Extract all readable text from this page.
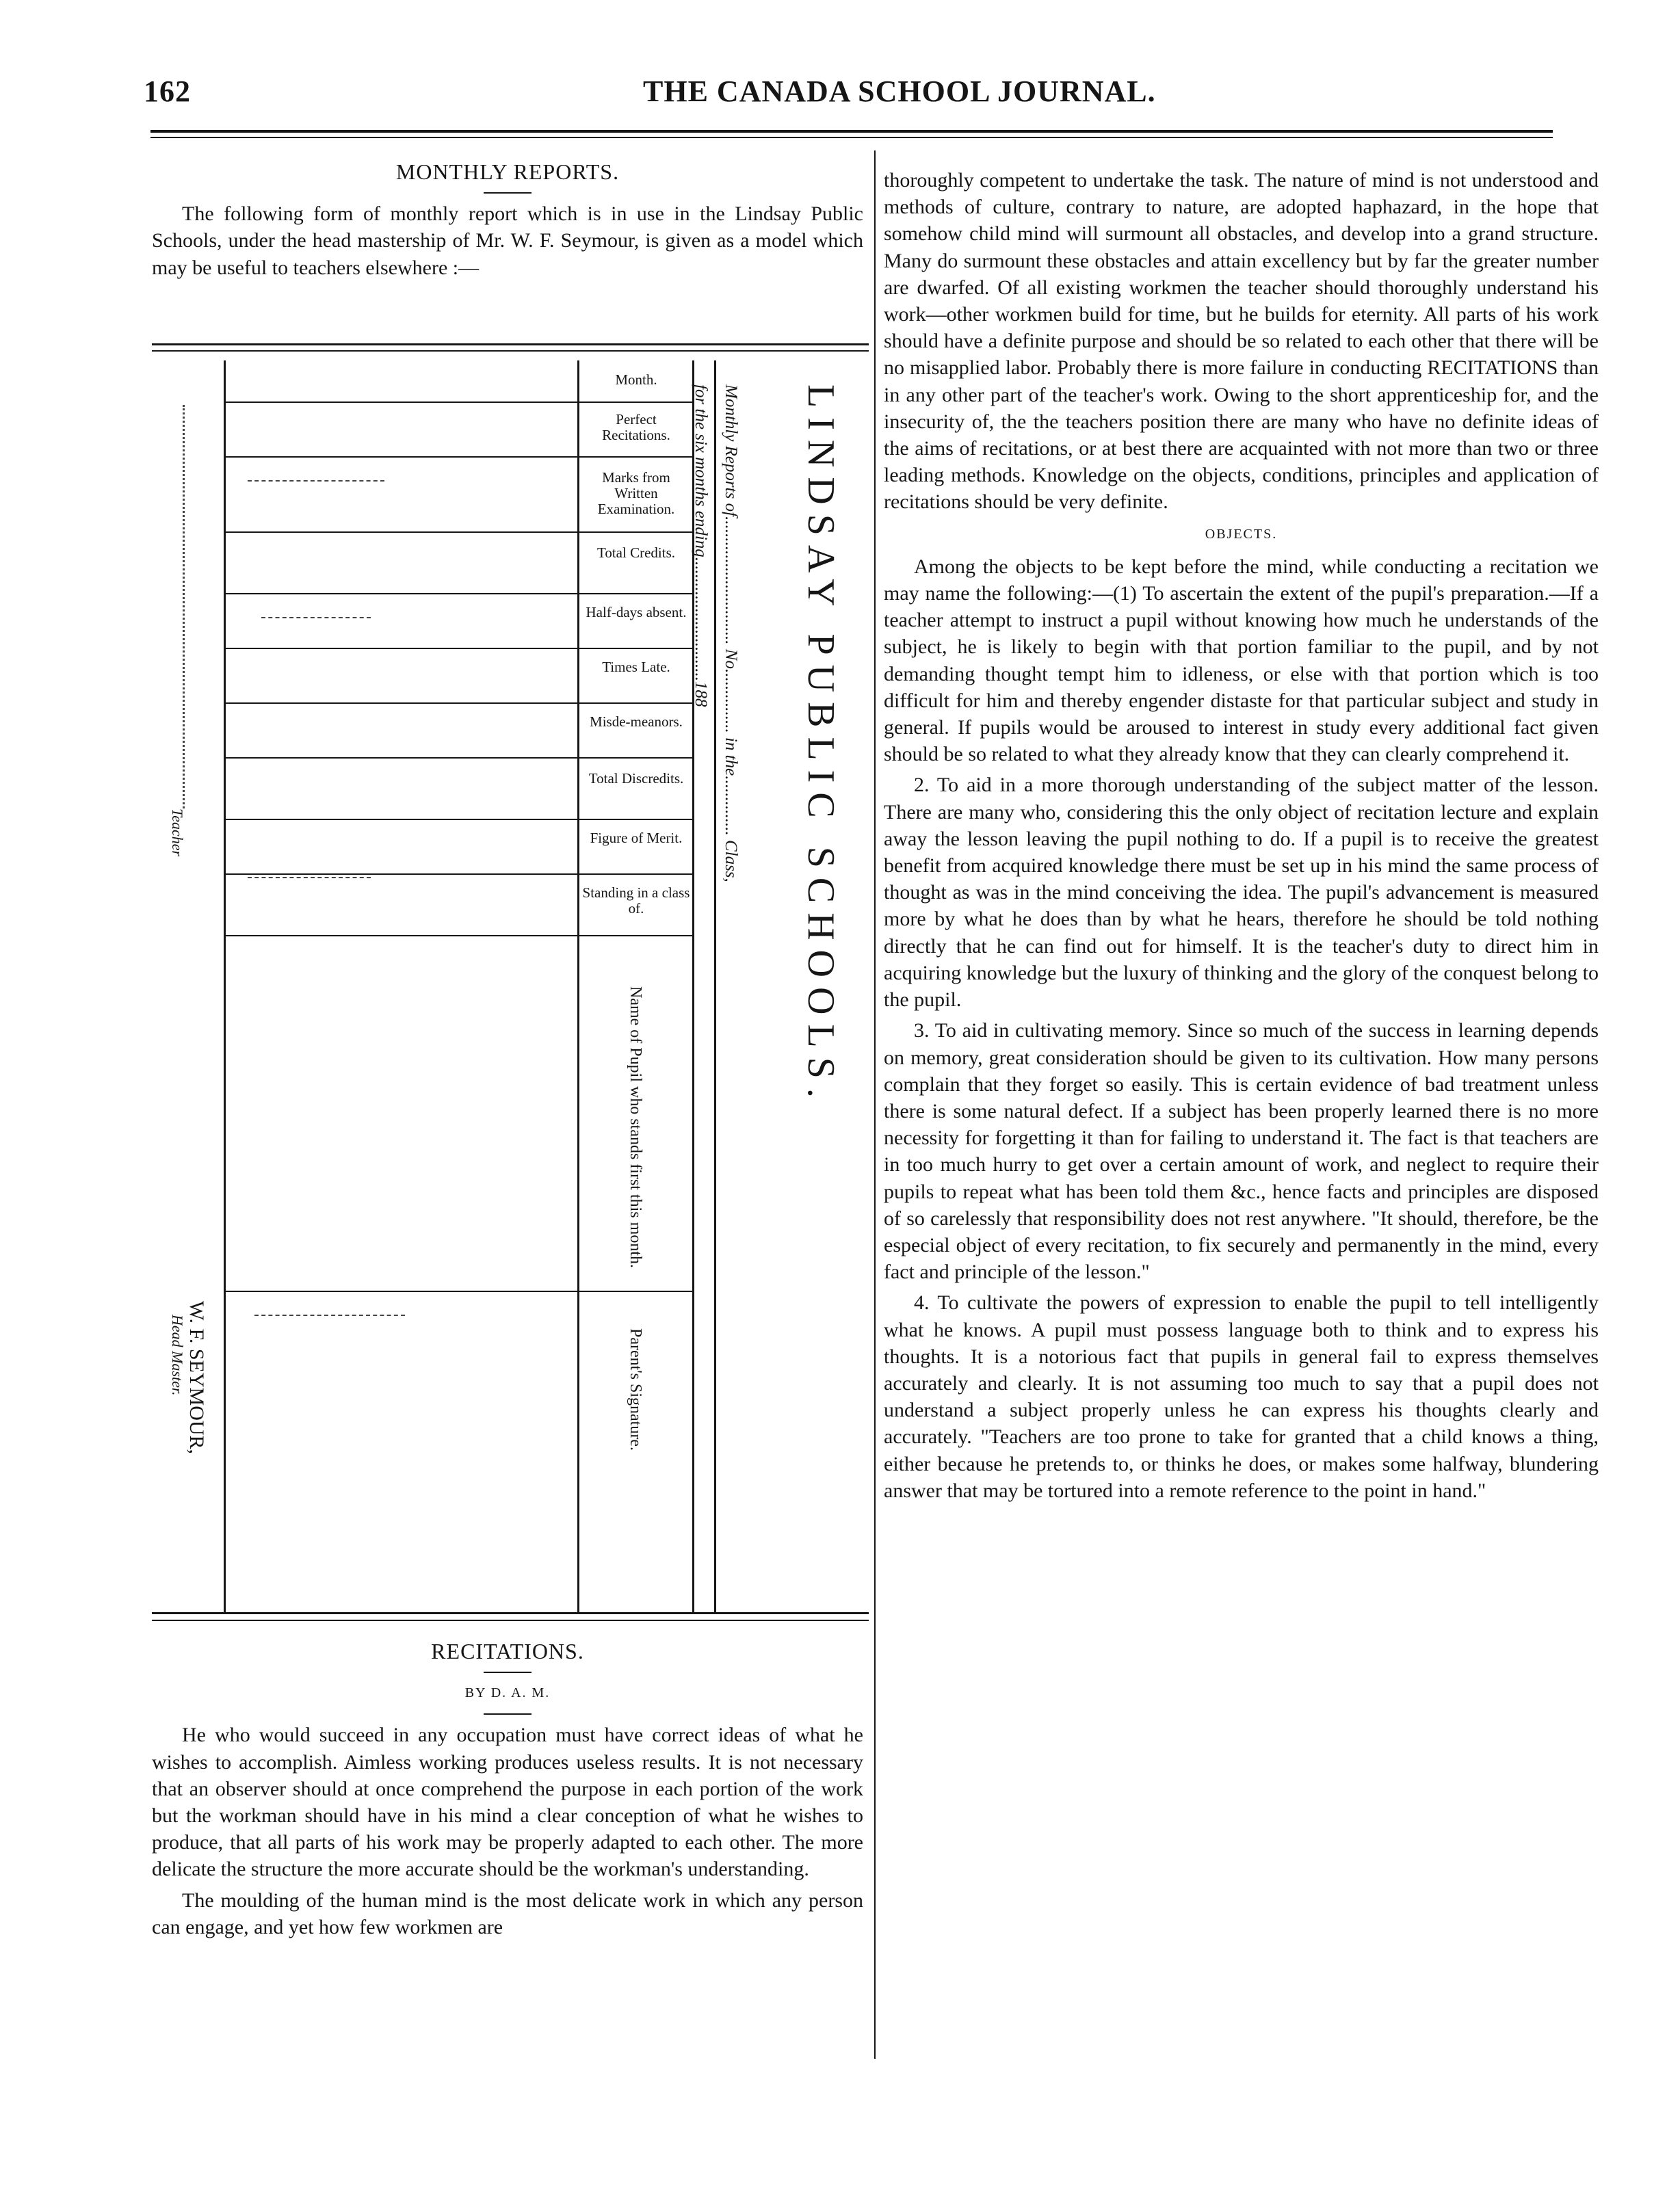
162	THE CANADA SCHOOL JOURNAL.
MONTHLY REPORTS.

The following form of monthly report which is in use in the Lindsay Public Schools, under the head mastership of Mr. W. F. Seymour, is given as a model which may be useful to teachers elsewhere :—

Month.
Perfect Recitations.
Marks from Written Examination.
Total Credits.
Half-days absent.
Times Late.
Misde-meanors.
Total Discredits.
Figure of Merit.
Standing in a class of.
Name of Pupil who stands first this month.
Parent's Signature.
LINDSAY PUBLIC SCHOOLS.
Monthly Reports of.............................. No............... in the.............. Class,
for the six months ending.............................188
W. F. SEYMOUR,
Head Master.
Teacher
RECITATIONS.
BY D. A. M.

He who would succeed in any occupation must have correct ideas of what he wishes to accomplish. Aimless working produces useless results. It is not necessary that an observer should at once comprehend the purpose in each portion of the work but the workman should have in his mind a clear conception of what he wishes to produce, that all parts of his work may be properly adapted to each other. The more delicate the structure the more accurate should be the workman's understanding.

The moulding of the human mind is the most delicate work in which any person can engage, and yet how few workmen are

thoroughly competent to undertake the task. The nature of mind is not understood and methods of culture, contrary to nature, are adopted haphazard, in the hope that somehow child mind will surmount all obstacles, and develop into a grand structure. Many do surmount these obstacles and attain excellency but by far the greater number are dwarfed. Of all existing workmen the teacher should thoroughly understand his work—other workmen build for time, but he builds for eternity. All parts of his work should have a definite purpose and should be so related to each other that there will be no misapplied labor. Probably there is more failure in conducting RECITATIONS than in any other part of the teacher's work. Owing to the short apprenticeship for, and the insecurity of, the the teachers position there are many who have no definite ideas of the aims of recitations, or at best there are acquainted with not more than two or three leading methods. Knowledge on the objects, conditions, principles and application of recitations should be very definite.

OBJECTS.

Among the objects to be kept before the mind, while conducting a recitation we may name the following:—(1) To ascertain the extent of the pupil's preparation.—If a teacher attempt to instruct a pupil without knowing how much he understands of the subject, he is likely to begin with that portion familiar to the pupil, and by not demanding thought tempt him to idleness, or else with that portion which is too difficult for him and thereby engender distaste for that particular subject and study in general. If pupils would be aroused to interest in study every additional fact given should be so related to what they already know that they can clearly comprehend it.

2. To aid in a more thorough understanding of the subject matter of the lesson. There are many who, considering this the only object of recitation lecture and explain away the lesson leaving the pupil nothing to do. If a pupil is to receive the greatest benefit from acquired knowledge there must be set up in his mind the same process of thought as was in the mind conceiving the idea. The pupil's advancement is measured more by what he does than by what he hears, therefore he should be told nothing directly that he can find out for himself. It is the teacher's duty to direct him in acquiring knowledge but the luxury of thinking and the glory of the conquest belong to the pupil.

3. To aid in cultivating memory. Since so much of the success in learning depends on memory, great consideration should be given to its cultivation. How many persons complain that they forget so easily. This is certain evidence of bad treatment unless there is some natural defect. If a subject has been properly learned there is no more necessity for forgetting it than for failing to understand it. The fact is that teachers are in too much hurry to get over a certain amount of work, and neglect to require their pupils to repeat what has been told them &c., hence facts and principles are disposed of so carelessly that responsibility does not rest anywhere. "It should, therefore, be the especial object of every recitation, to fix securely and permanently in the mind, every fact and principle of the lesson."

4. To cultivate the powers of expression to enable the pupil to tell intelligently what he knows. A pupil must possess language both to think and to express his thoughts. It is a notorious fact that pupils in general fail to express themselves accurately and clearly. It is not assuming too much to say that a pupil does not understand a subject properly unless he can express his thoughts clearly and accurately. "Teachers are too prone to take for granted that a child knows a thing, either because he pretends to, or thinks he does, or makes some halfway, blundering answer that may be tortured into a remote reference to the point in hand."
